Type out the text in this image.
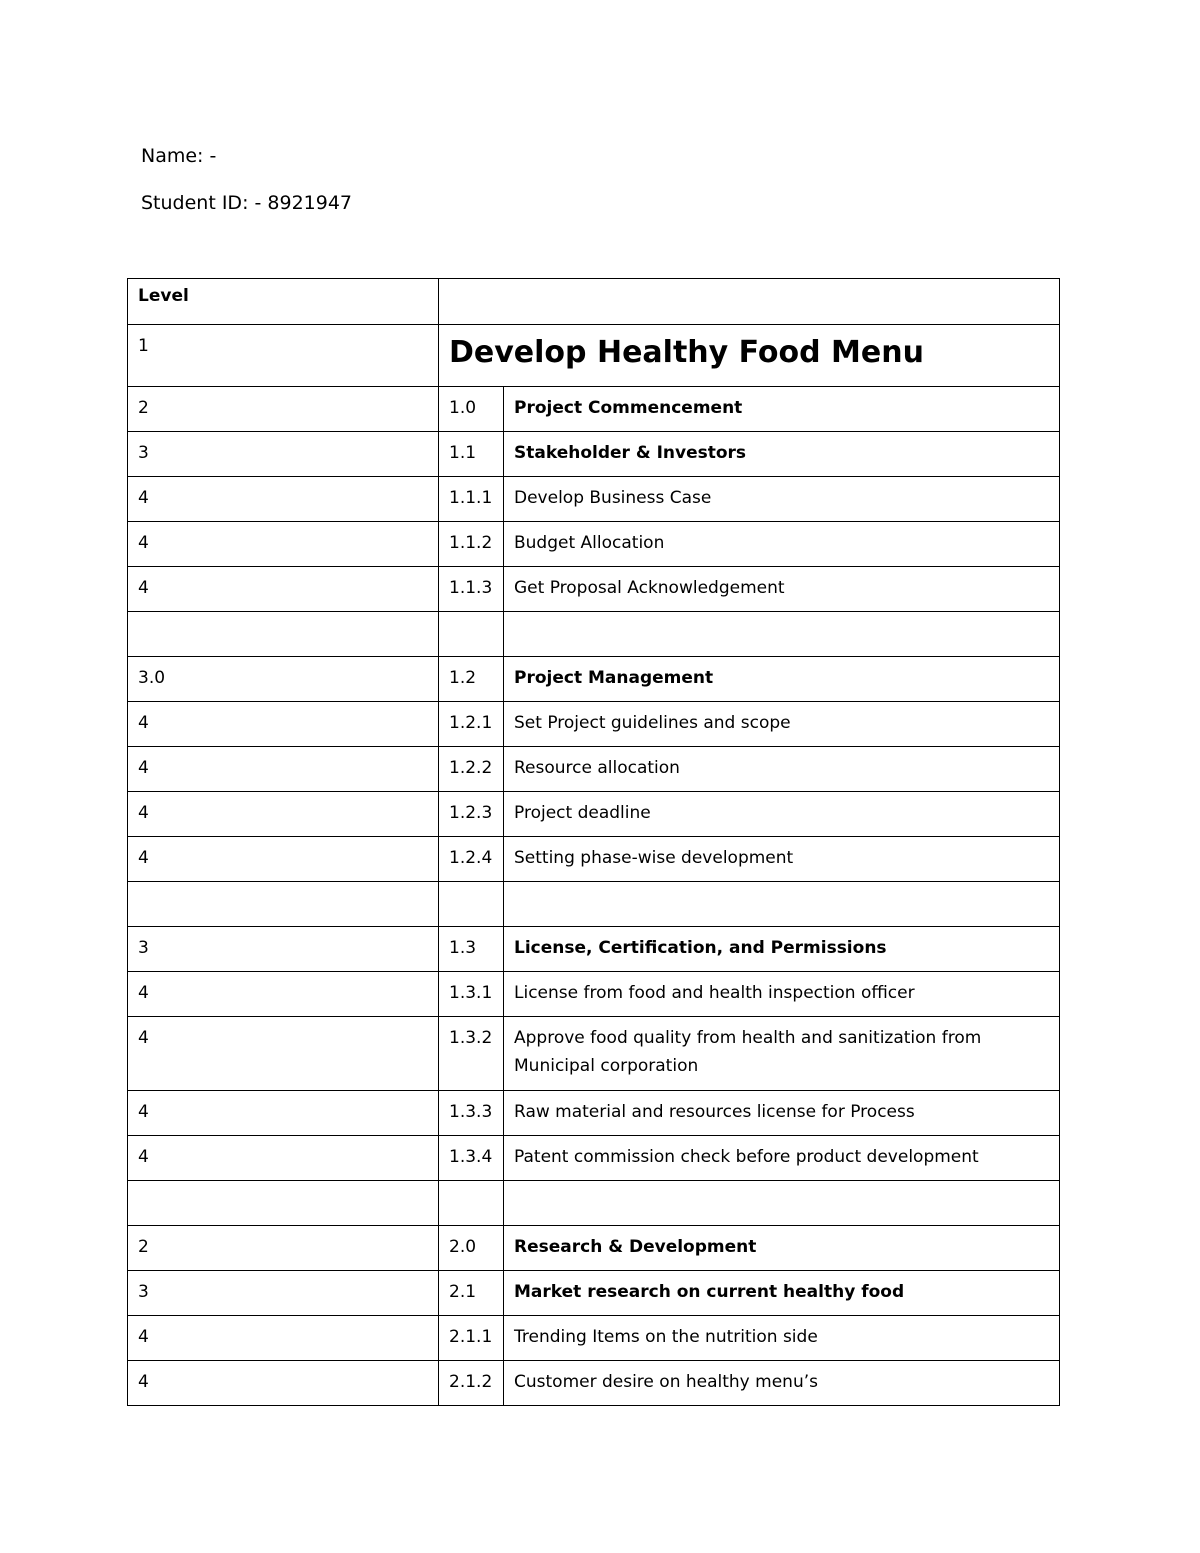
Name: -
Student ID: - 8921947
Level		
1	Develop Healthy Food Menu	

2	1.0	Project Commencement
3	1.1	Stakeholder & Investors
4	1.1.1	Develop Business Case
4	1.1.2	Budget Allocation
4	1.1.3	Get Proposal Acknowledgement

3.0	1.2	Project Management
4	1.2.1	Set Project guidelines and scope
4	1.2.2	Resource allocation
4	1.2.3	Project deadline
4	1.2.4	Setting phase-wise development

3	1.3	License, Certification, and Permissions
4	1.3.1	License from food and health inspection officer
4	1.3.2	Approve food quality from health and sanitization from Municipal corporation
4	1.3.3	Raw material and resources license for Process
4	1.3.4	Patent commission check before product development

2	2.0	Research & Development
3	2.1	Market research on current healthy food
4	2.1.1	Trending Items on the nutrition side
4	2.1.2	Customer desire on healthy menu’s
